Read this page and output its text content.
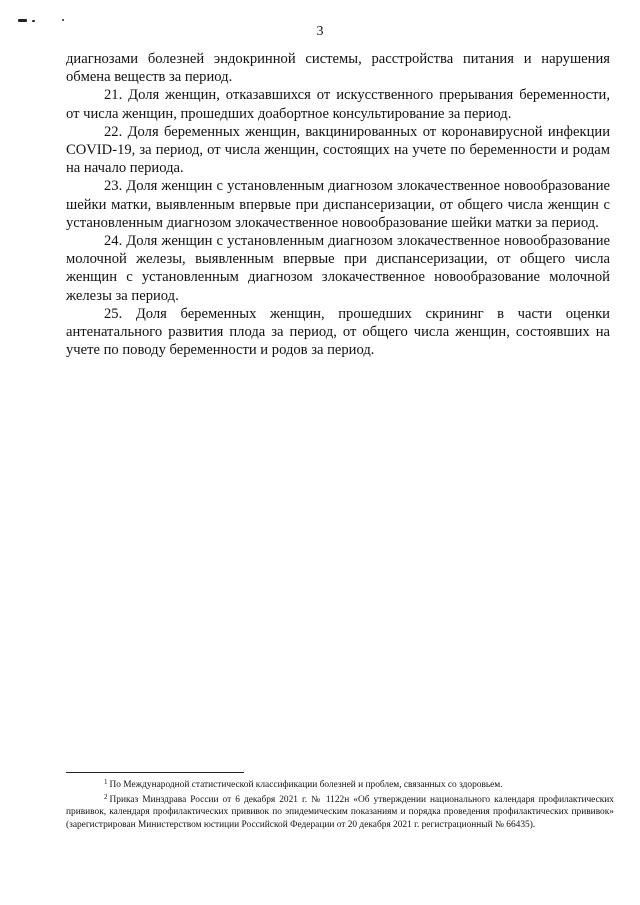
3

диагнозами болезней эндокринной системы, расстройства питания и нарушения обмена веществ за период.

21. Доля женщин, отказавшихся от искусственного прерывания беременности, от числа женщин, прошедших доабортное консультирование за период.

22. Доля беременных женщин, вакцинированных от коронавирусной инфекции COVID-19, за период, от числа женщин, состоящих на учете по беременности и родам на начало периода.

23. Доля женщин с установленным диагнозом злокачественное новообразование шейки матки, выявленным впервые при диспансеризации, от общего числа женщин с установленным диагнозом злокачественное новообразование шейки матки за период.

24. Доля женщин с установленным диагнозом злокачественное новообразование молочной железы, выявленным впервые при диспансеризации, от общего числа женщин с установленным диагнозом злокачественное новообразование молочной железы за период.

25. Доля беременных женщин, прошедших скрининг в части оценки антенатального развития плода за период, от общего числа женщин, состоявших на учете по поводу беременности и родов за период.

$^1$ По Международной статистической классификации болезней и проблем, связанных со здоровьем.

$^2$ Приказ Минздрава России от 6 декабря 2021 г. № 1122н «Об утверждении национального календаря профилактических прививок, календаря профилактических прививок по эпидемическим показаниям и порядка проведения профилактических прививок» (зарегистрирован Министерством юстиции Российской Федерации от 20 декабря 2021 г. регистрационный № 66435).
